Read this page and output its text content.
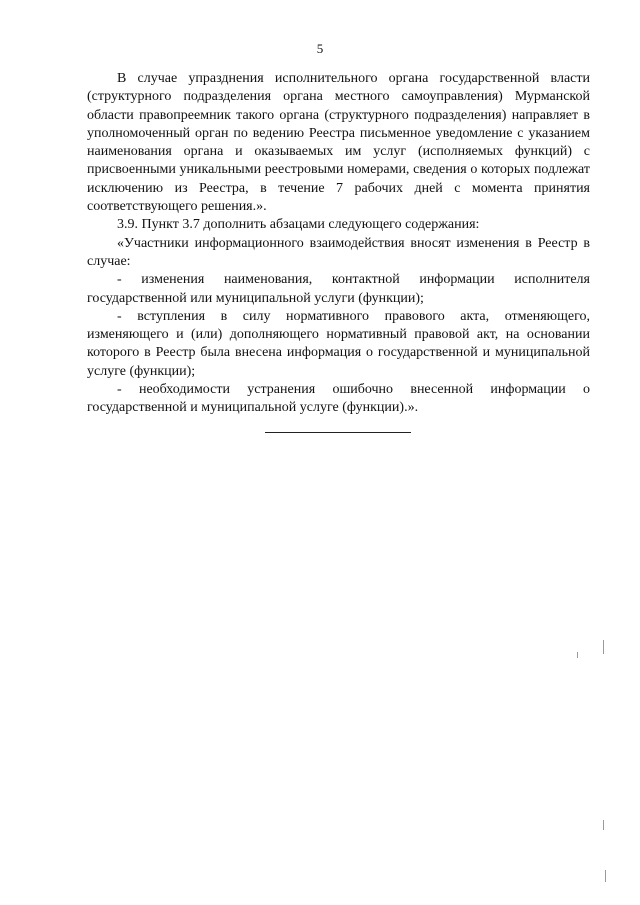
5

В случае упразднения исполнительного органа государственной власти (структурного подразделения органа местного самоуправления) Мурманской области правопреемник такого органа (структурного подразделения) направляет в уполномоченный орган по ведению Реестра письменное уведомление с указанием наименования органа и оказываемых им услуг (исполняемых функций) с присвоенными уникальными реестровыми номерами, сведения о которых подлежат исключению из Реестра, в течение 7 рабочих дней с момента принятия соответствующего решения.».

3.9. Пункт 3.7 дополнить абзацами следующего содержания:

«Участники информационного взаимодействия вносят изменения в Реестр в случае:

- изменения наименования, контактной информации исполнителя государственной или муниципальной услуги (функции);

- вступления в силу нормативного правового акта, отменяющего, изменяющего и (или) дополняющего нормативный правовой акт, на основании которого в Реестр была внесена информация о государственной и муниципальной услуге (функции);

- необходимости устранения ошибочно внесенной информации о государственной и муниципальной услуге (функции).».
